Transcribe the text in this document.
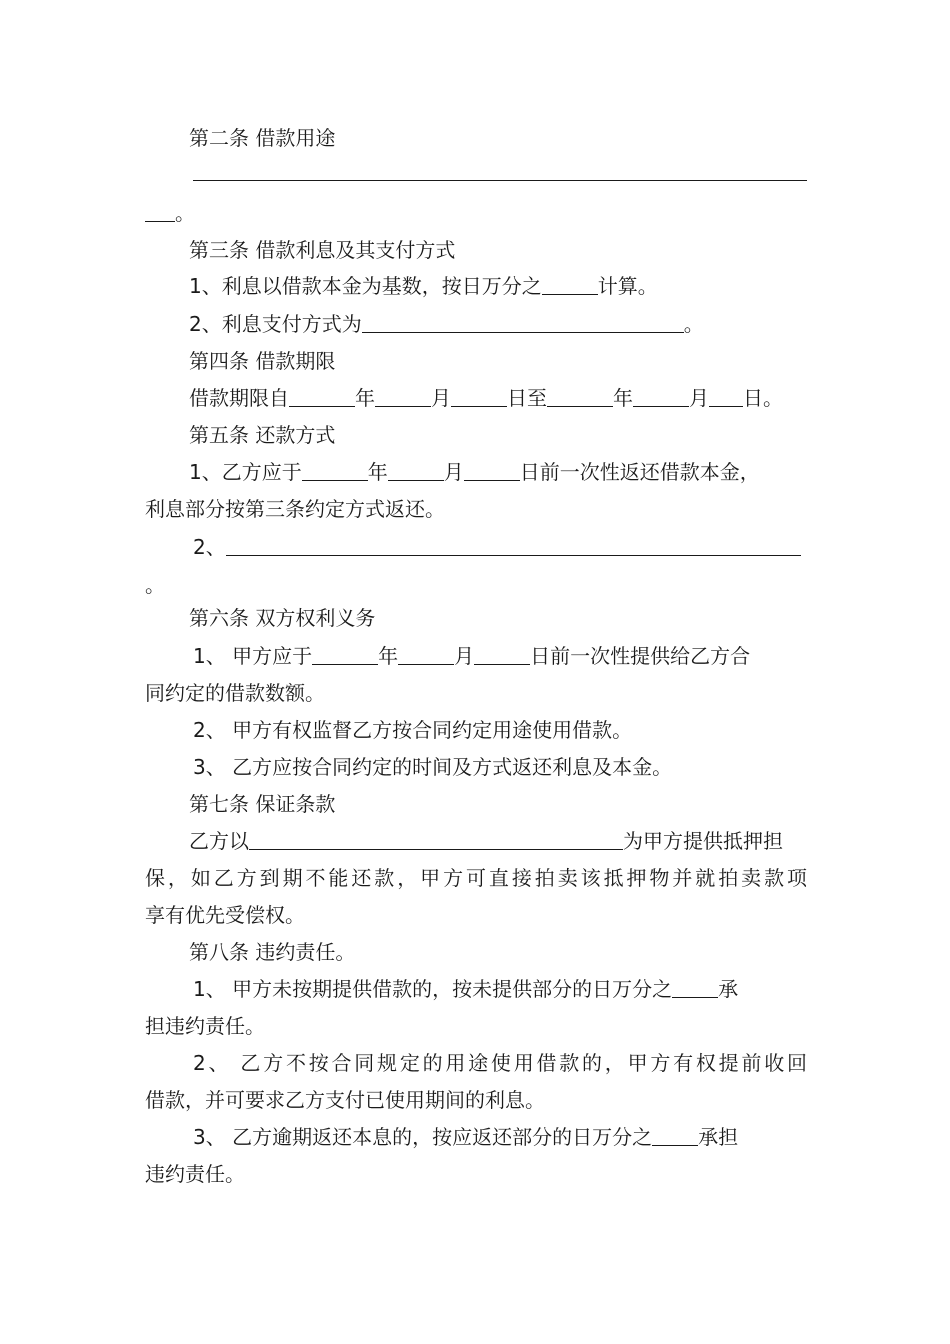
第二条 借款用途
。
第三条 借款利息及其支付方式
1、利息以借款本金为基数，按日万分之	计算。
2、利息支付方式为	。
第四条 借款期限
借款期限自	年	月	日至	年	月 日。
第五条 还款方式
1、乙方应于	年	月	日前一次性返还借款本金，
利息部分按第三条约定方式返还。
2、
。
第六条 双方权利义务
1、 甲方应于	年	月	日前一次性提供给乙方合
同约定的借款数额。
2、 甲方有权监督乙方按合同约定用途使用借款。
3、 乙方应按合同约定的时间及方式返还利息及本金。
第七条 保证条款
乙方以	为甲方提供抵押担
保，如乙方到期不能还款，甲方可直接拍卖该抵押物并就拍卖款项
享有优先受偿权。
第八条 违约责任。
1、 甲方未按期提供借款的，按未提供部分的日万分之 承
担违约责任。
2、 乙方不按合同规定的用途使用借款的，甲方有权提前收回
借款，并可要求乙方支付已使用期间的利息。
3、 乙方逾期返还本息的，按应返还部分的日万分之 承担
违约责任。
